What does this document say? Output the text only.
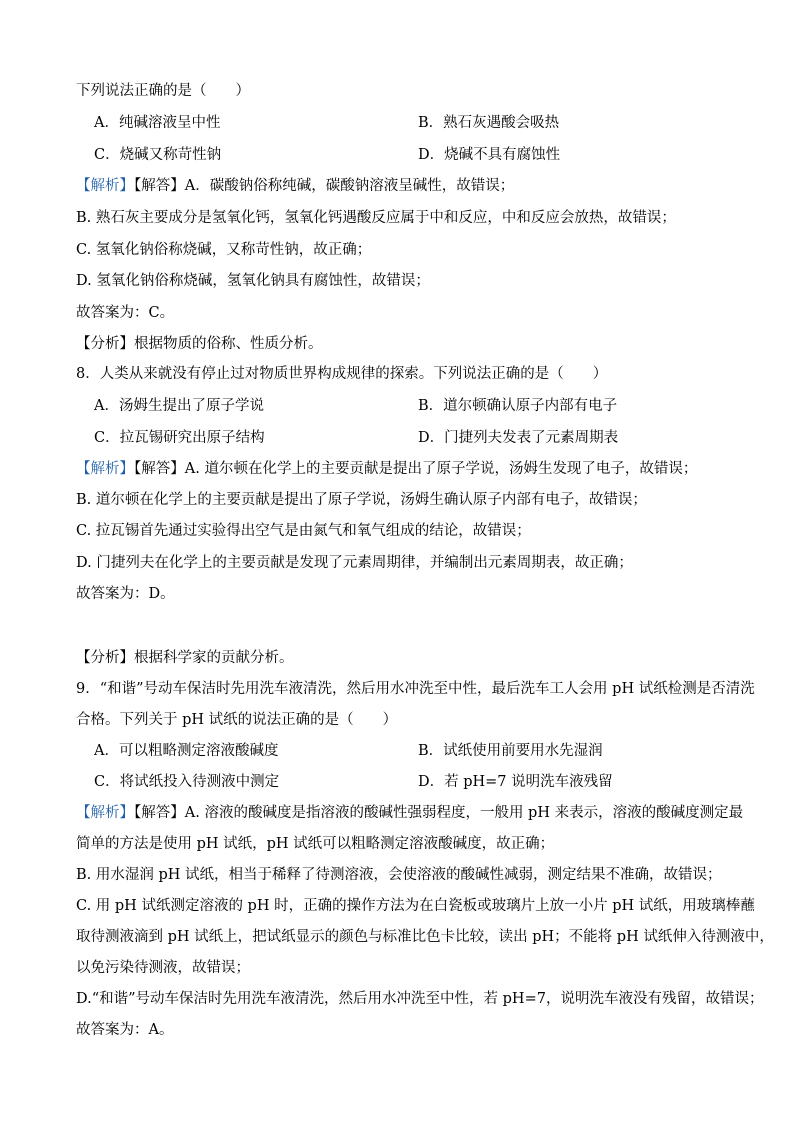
下列说法正确的是（　　）
A．纯碱溶液呈中性	B．熟石灰遇酸会吸热
C．烧碱又称苛性钠	D．烧碱不具有腐蚀性
【解析】【解答】A．碳酸钠俗称纯碱，碳酸钠溶液呈碱性，故错误；
B. 熟石灰主要成分是氢氧化钙，氢氧化钙遇酸反应属于中和反应，中和反应会放热，故错误；
C. 氢氧化钠俗称烧碱，又称苛性钠，故正确；
D. 氢氧化钠俗称烧碱，氢氧化钠具有腐蚀性，故错误；
故答案为：C。
【分析】根据物质的俗称、性质分析。
8．人类从来就没有停止过对物质世界构成规律的探索。下列说法正确的是（　　）
A．汤姆生提出了原子学说	B．道尔顿确认原子内部有电子
C．拉瓦锡研究出原子结构	D．门捷列夫发表了元素周期表
【解析】【解答】A. 道尔顿在化学上的主要贡献是提出了原子学说，汤姆生发现了电子，故错误；
B. 道尔顿在化学上的主要贡献是提出了原子学说，汤姆生确认原子内部有电子，故错误；
C. 拉瓦锡首先通过实验得出空气是由氮气和氧气组成的结论，故错误；
D. 门捷列夫在化学上的主要贡献是发现了元素周期律，并编制出元素周期表，故正确；
故答案为：D。
【分析】根据科学家的贡献分析。
9．“和谐”号动车保洁时先用洗车液清洗，然后用水冲洗至中性，最后洗车工人会用 pH 试纸检测是否清洗
合格。下列关于 pH 试纸的说法正确的是（　　）
A．可以粗略测定溶液酸碱度	B．试纸使用前要用水先湿润
C．将试纸投入待测液中测定	D．若 pH=7 说明洗车液残留
【解析】【解答】A. 溶液的酸碱度是指溶液的酸碱性强弱程度，一般用 pH 来表示，溶液的酸碱度测定最
简单的方法是使用 pH 试纸，pH 试纸可以粗略测定溶液酸碱度，故正确；
B. 用水湿润 pH 试纸，相当于稀释了待测溶液，会使溶液的酸碱性减弱，测定结果不准确，故错误；
C. 用 pH 试纸测定溶液的 pH 时，正确的操作方法为在白瓷板或玻璃片上放一小片 pH 试纸，用玻璃棒蘸
取待测液滴到 pH 试纸上，把试纸显示的颜色与标准比色卡比较，读出 pH；不能将 pH 试纸伸入待测液中，
以免污染待测液，故错误；
D.“和谐”号动车保洁时先用洗车液清洗，然后用水冲洗至中性，若 pH=7，说明洗车液没有残留，故错误；
故答案为：A。
